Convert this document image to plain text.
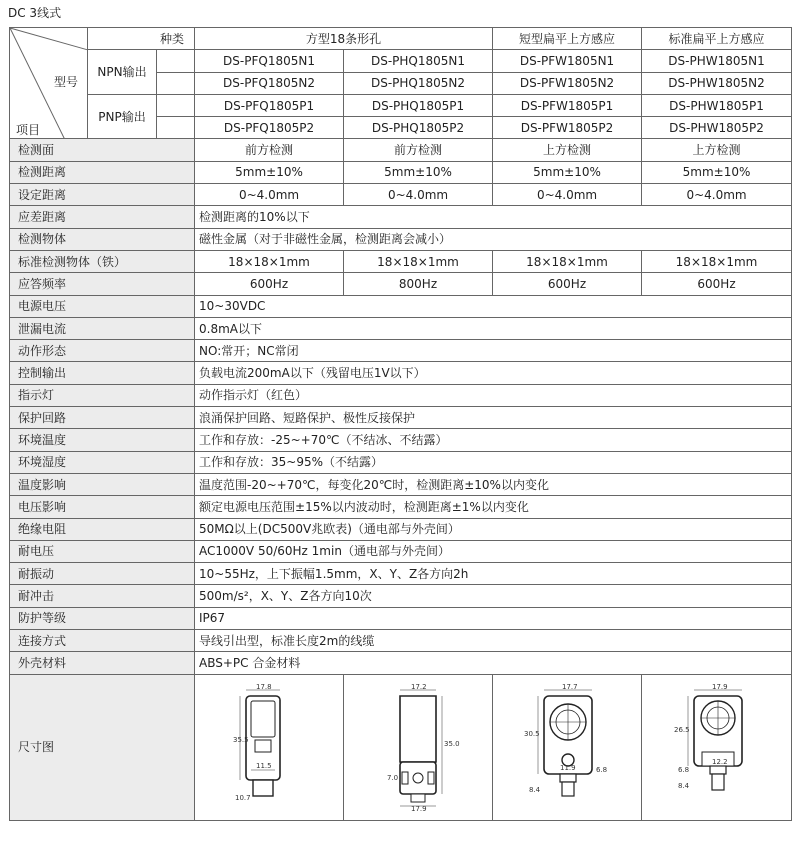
DC 3线式
型号
项目	种类		方型18条形孔		短型扁平上方感应	标准扁平上方感应
	NPN输出		DS-PFQ1805N1	DS-PHQ1805N1	DS-PFW1805N1	DS-PHW1805N1
			DS-PFQ1805N2	DS-PHQ1805N2	DS-PFW1805N2	DS-PHW1805N2
	PNP输出		DS-PFQ1805P1	DS-PHQ1805P1	DS-PFW1805P1	DS-PHW1805P1
			DS-PFQ1805P2	DS-PHQ1805P2	DS-PFW1805P2	DS-PHW1805P2
检测面			前方检测	前方检测	上方检测	上方检测
检测距离			5mm±10%	5mm±10%	5mm±10%	5mm±10%
设定距离			0~4.0mm	0~4.0mm	0~4.0mm	0~4.0mm
应差距离			检测距离的10%以下			
检测物体			磁性金属（对于非磁性金属，检测距离会减小）			
标准检测物体（铁）			18×18×1mm	18×18×1mm	18×18×1mm	18×18×1mm
应答频率			600Hz	800Hz	600Hz	600Hz
电源电压			10~30VDC			
泄漏电流			0.8mA以下			
动作形态			NO:常开；NC常闭			
控制输出			负载电流200mA以下（残留电压1V以下）			
指示灯			动作指示灯（红色）			
保护回路			浪涌保护回路、短路保护、极性反接保护			
环境温度			工作和存放：-25~+70℃（不结冰、不结露）			
环境湿度			工作和存放：35~95%（不结露）			
温度影响			温度范围-20~+70℃，每变化20℃时，检测距离±10%以内变化			
电压影响			额定电源电压范围±15%以内波动时，检测距离±1%以内变化			
绝缘电阻			50MΩ以上(DC500V兆欧表)（通电部与外壳间）			
耐电压			AC1000V 50/60Hz 1min（通电部与外壳间）			
耐振动			10~55Hz，上下振幅1.5mm，X、Y、Z各方向2h			
耐冲击			500m/s²，X、Y、Z各方向10次			
防护等级			IP67			
连接方式			导线引出型，标准长度2m的线缆			
外壳材料			ABS+PC 合金材料			
尺寸图			17.8
35.5
11.5
10.7	17.2
35.0
7.0
17.9	17.7
30.5
11.9 6.8
8.4	17.9
26.5
12.2
6.8
8.4
